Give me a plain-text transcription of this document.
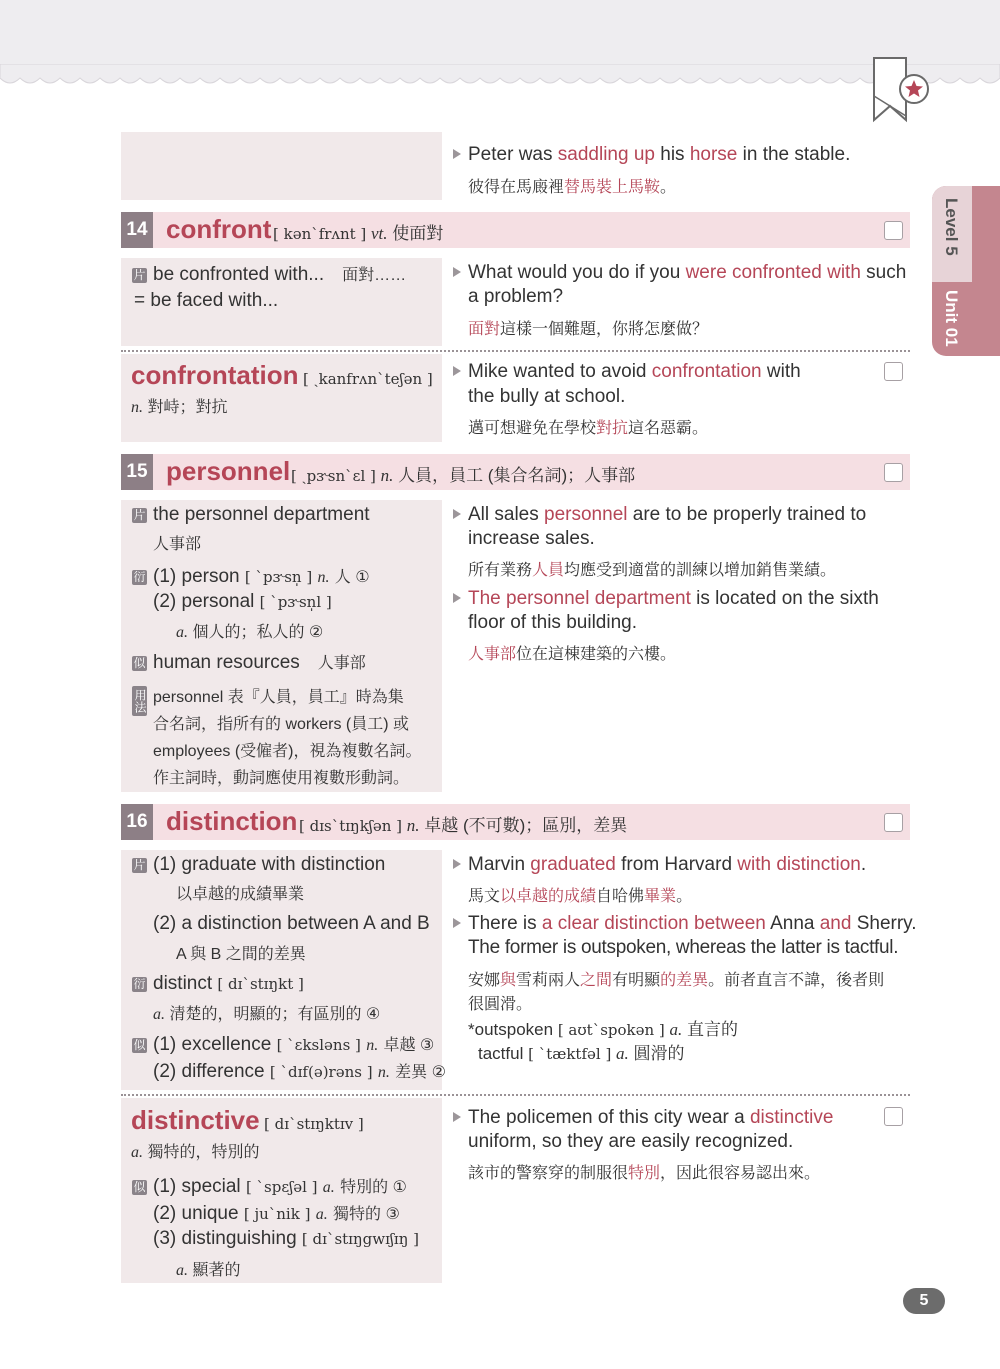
Level 5
Unit 01
Peter was saddling up his horse in the stable.
彼得在馬廄裡替馬裝上馬鞍。
14 confront [ kən`frʌnt ] vt. 使面對
片 be confronted with... 面對……
= be faced with...
What would you do if you were confronted with such
a problem?
面對這樣一個難題，你將怎麼做？
confrontation [ ˏkanfrʌn`teʃən ]
n. 對峙；對抗
Mike wanted to avoid confrontation with
the bully at school.
邁可想避免在學校對抗這名惡霸。
15 personnel [ ˏpɝsn`ɛl ] n. 人員，員工 (集合名詞)；人事部
片 the personnel department
人事部
衍 (1) person [ `pɝsn̩ ] n. 人 ①
(2) personal [ `pɝsn̩l ]
a. 個人的；私人的 ②
似 human resources 人事部
用法 personnel 表『人員，員工』時為集
合名詞，指所有的 workers (員工) 或
employees (受僱者)，視為複數名詞。
作主詞時，動詞應使用複數形動詞。
All sales personnel are to be properly trained to
increase sales.
所有業務人員均應受到適當的訓練以增加銷售業績。
The personnel department is located on the sixth
floor of this building.
人事部位在這棟建築的六樓。
16 distinction [ dɪs`tɪŋkʃən ] n. 卓越 (不可數)；區別，差異
片 (1) graduate with distinction
以卓越的成績畢業
(2) a distinction between A and B
A 與 B 之間的差異
衍 distinct [ dɪ`stɪŋkt ]
a. 清楚的，明顯的；有區別的 ④
似 (1) excellence [ `ɛksləns ] n. 卓越 ③
(2) difference [ `dɪf(ə)rəns ] n. 差異 ②
Marvin graduated from Harvard with distinction.
馬文以卓越的成績自哈佛畢業。
There is a clear distinction between Anna and Sherry.
The former is outspoken, whereas the latter is tactful.
安娜與雪莉兩人之間有明顯的差異。前者直言不諱，後者則
很圓滑。
*outspoken [ aʊt`spokən ] a. 直言的
tactful [ `tæktfəl ] a. 圓滑的
distinctive [ dɪ`stɪŋktɪv ]
a. 獨特的，特別的
似 (1) special [ `spɛʃəl ] a. 特別的 ①
(2) unique [ ju`nik ] a. 獨特的 ③
(3) distinguishing [ dɪ`stɪŋgwɪʃɪŋ ]
a. 顯著的
The policemen of this city wear a distinctive
uniform, so they are easily recognized.
該市的警察穿的制服很特別，因此很容易認出來。
5
